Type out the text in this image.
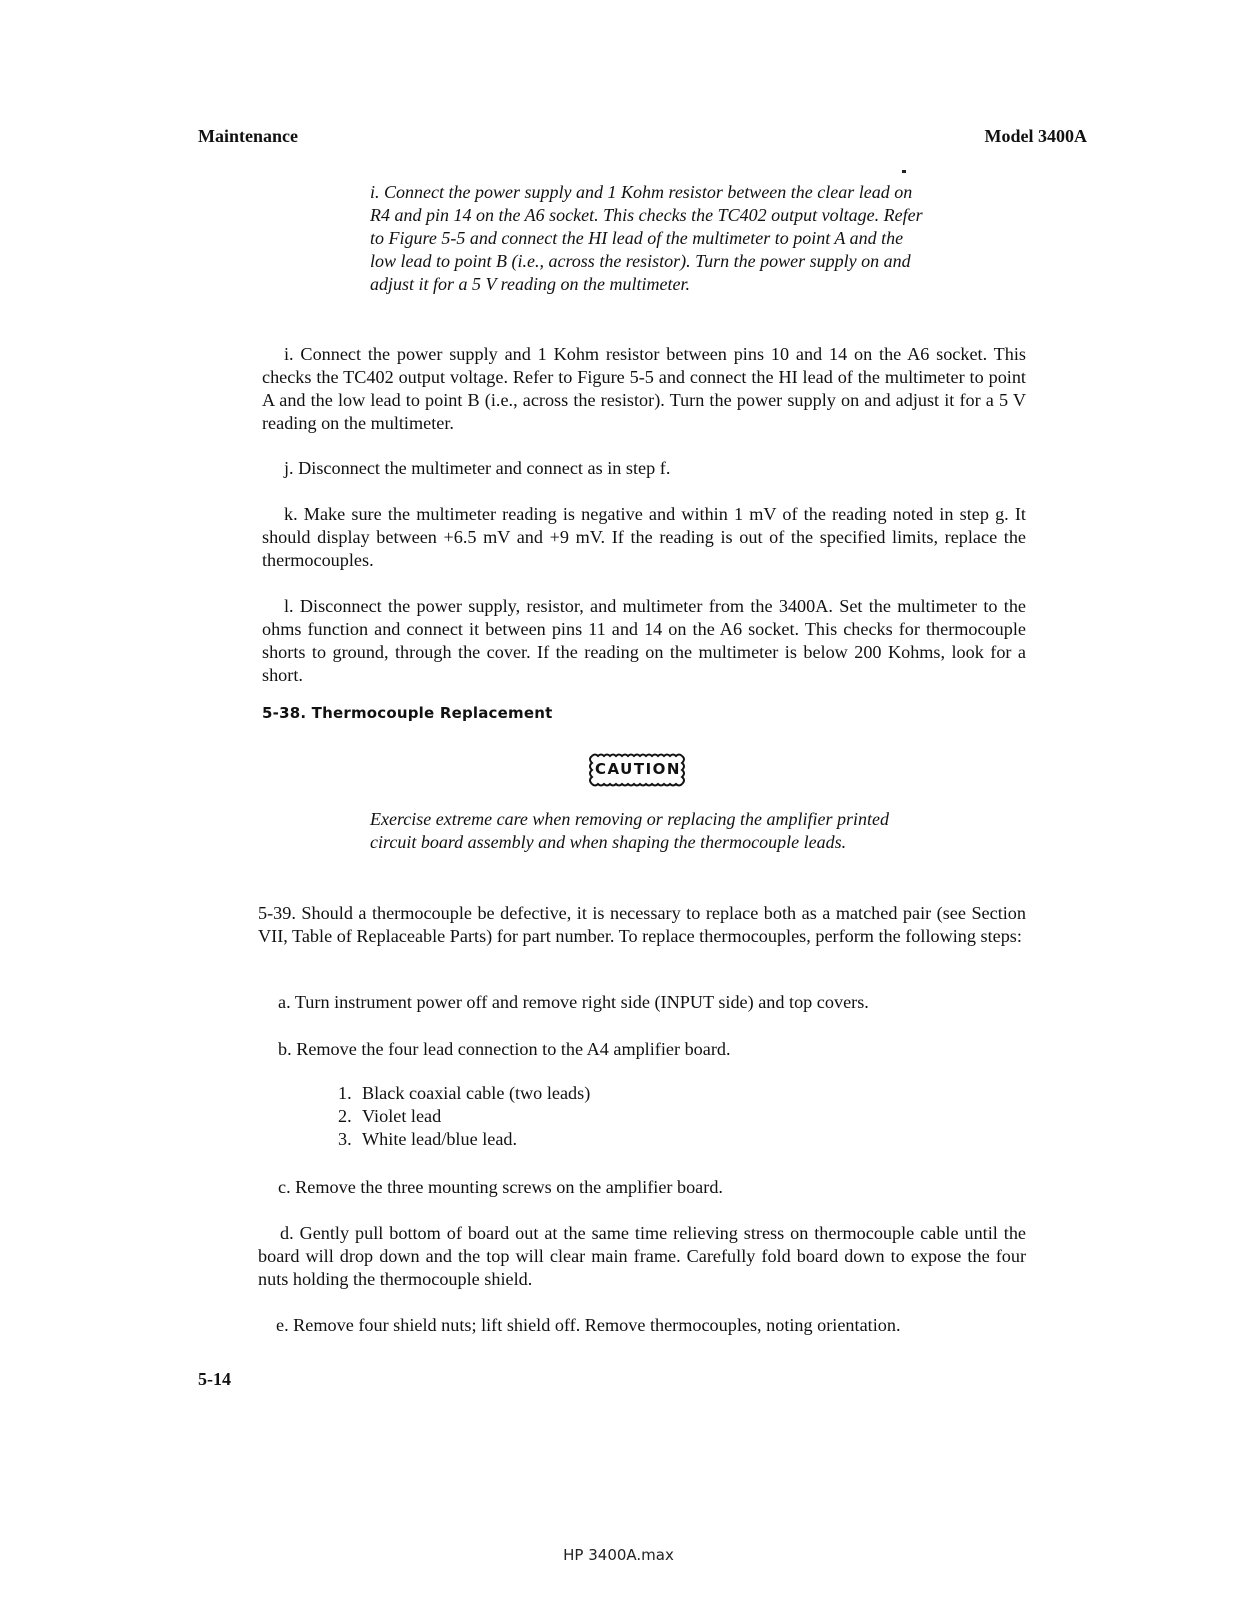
Maintenance	Model 3400A
i. Connect the power supply and 1 Kohm resistor between the clear lead on R4 and pin 14 on the A6 socket. This checks the TC402 output voltage. Refer to Figure 5-5 and connect the HI lead of the multimeter to point A and the low lead to point B (i.e., across the resistor). Turn the power supply on and adjust it for a 5 V reading on the multimeter.
i. Connect the power supply and 1 Kohm resistor between pins 10 and 14 on the A6 socket. This checks the TC402 output voltage. Refer to Figure 5-5 and connect the HI lead of the multimeter to point A and the low lead to point B (i.e., across the resistor). Turn the power supply on and adjust it for a 5 V reading on the multimeter.
j. Disconnect the multimeter and connect as in step f.
k. Make sure the multimeter reading is negative and within 1 mV of the reading noted in step g. It should display between +6.5 mV and +9 mV. If the reading is out of the specified limits, replace the thermocouples.
l. Disconnect the power supply, resistor, and multimeter from the 3400A. Set the multimeter to the ohms function and connect it between pins 11 and 14 on the A6 socket. This checks for thermocouple shorts to ground, through the cover. If the reading on the multimeter is below 200 Kohms, look for a short.
5-38. Thermocouple Replacement
CAUTION
Exercise extreme care when removing or replacing the amplifier printed circuit board assembly and when shaping the thermocouple leads.
5-39. Should a thermocouple be defective, it is necessary to replace both as a matched pair (see Section VII, Table of Replaceable Parts) for part number. To replace thermocouples, perform the following steps:
a. Turn instrument power off and remove right side (INPUT side) and top covers.
b. Remove the four lead connection to the A4 amplifier board.
1. Black coaxial cable (two leads)
2. Violet lead
3. White lead/blue lead.
c. Remove the three mounting screws on the amplifier board.
d. Gently pull bottom of board out at the same time relieving stress on thermocouple cable until the board will drop down and the top will clear main frame. Carefully fold board down to expose the four nuts holding the thermocouple shield.
e. Remove four shield nuts; lift shield off. Remove thermocouples, noting orientation.
5-14
HP 3400A.max
